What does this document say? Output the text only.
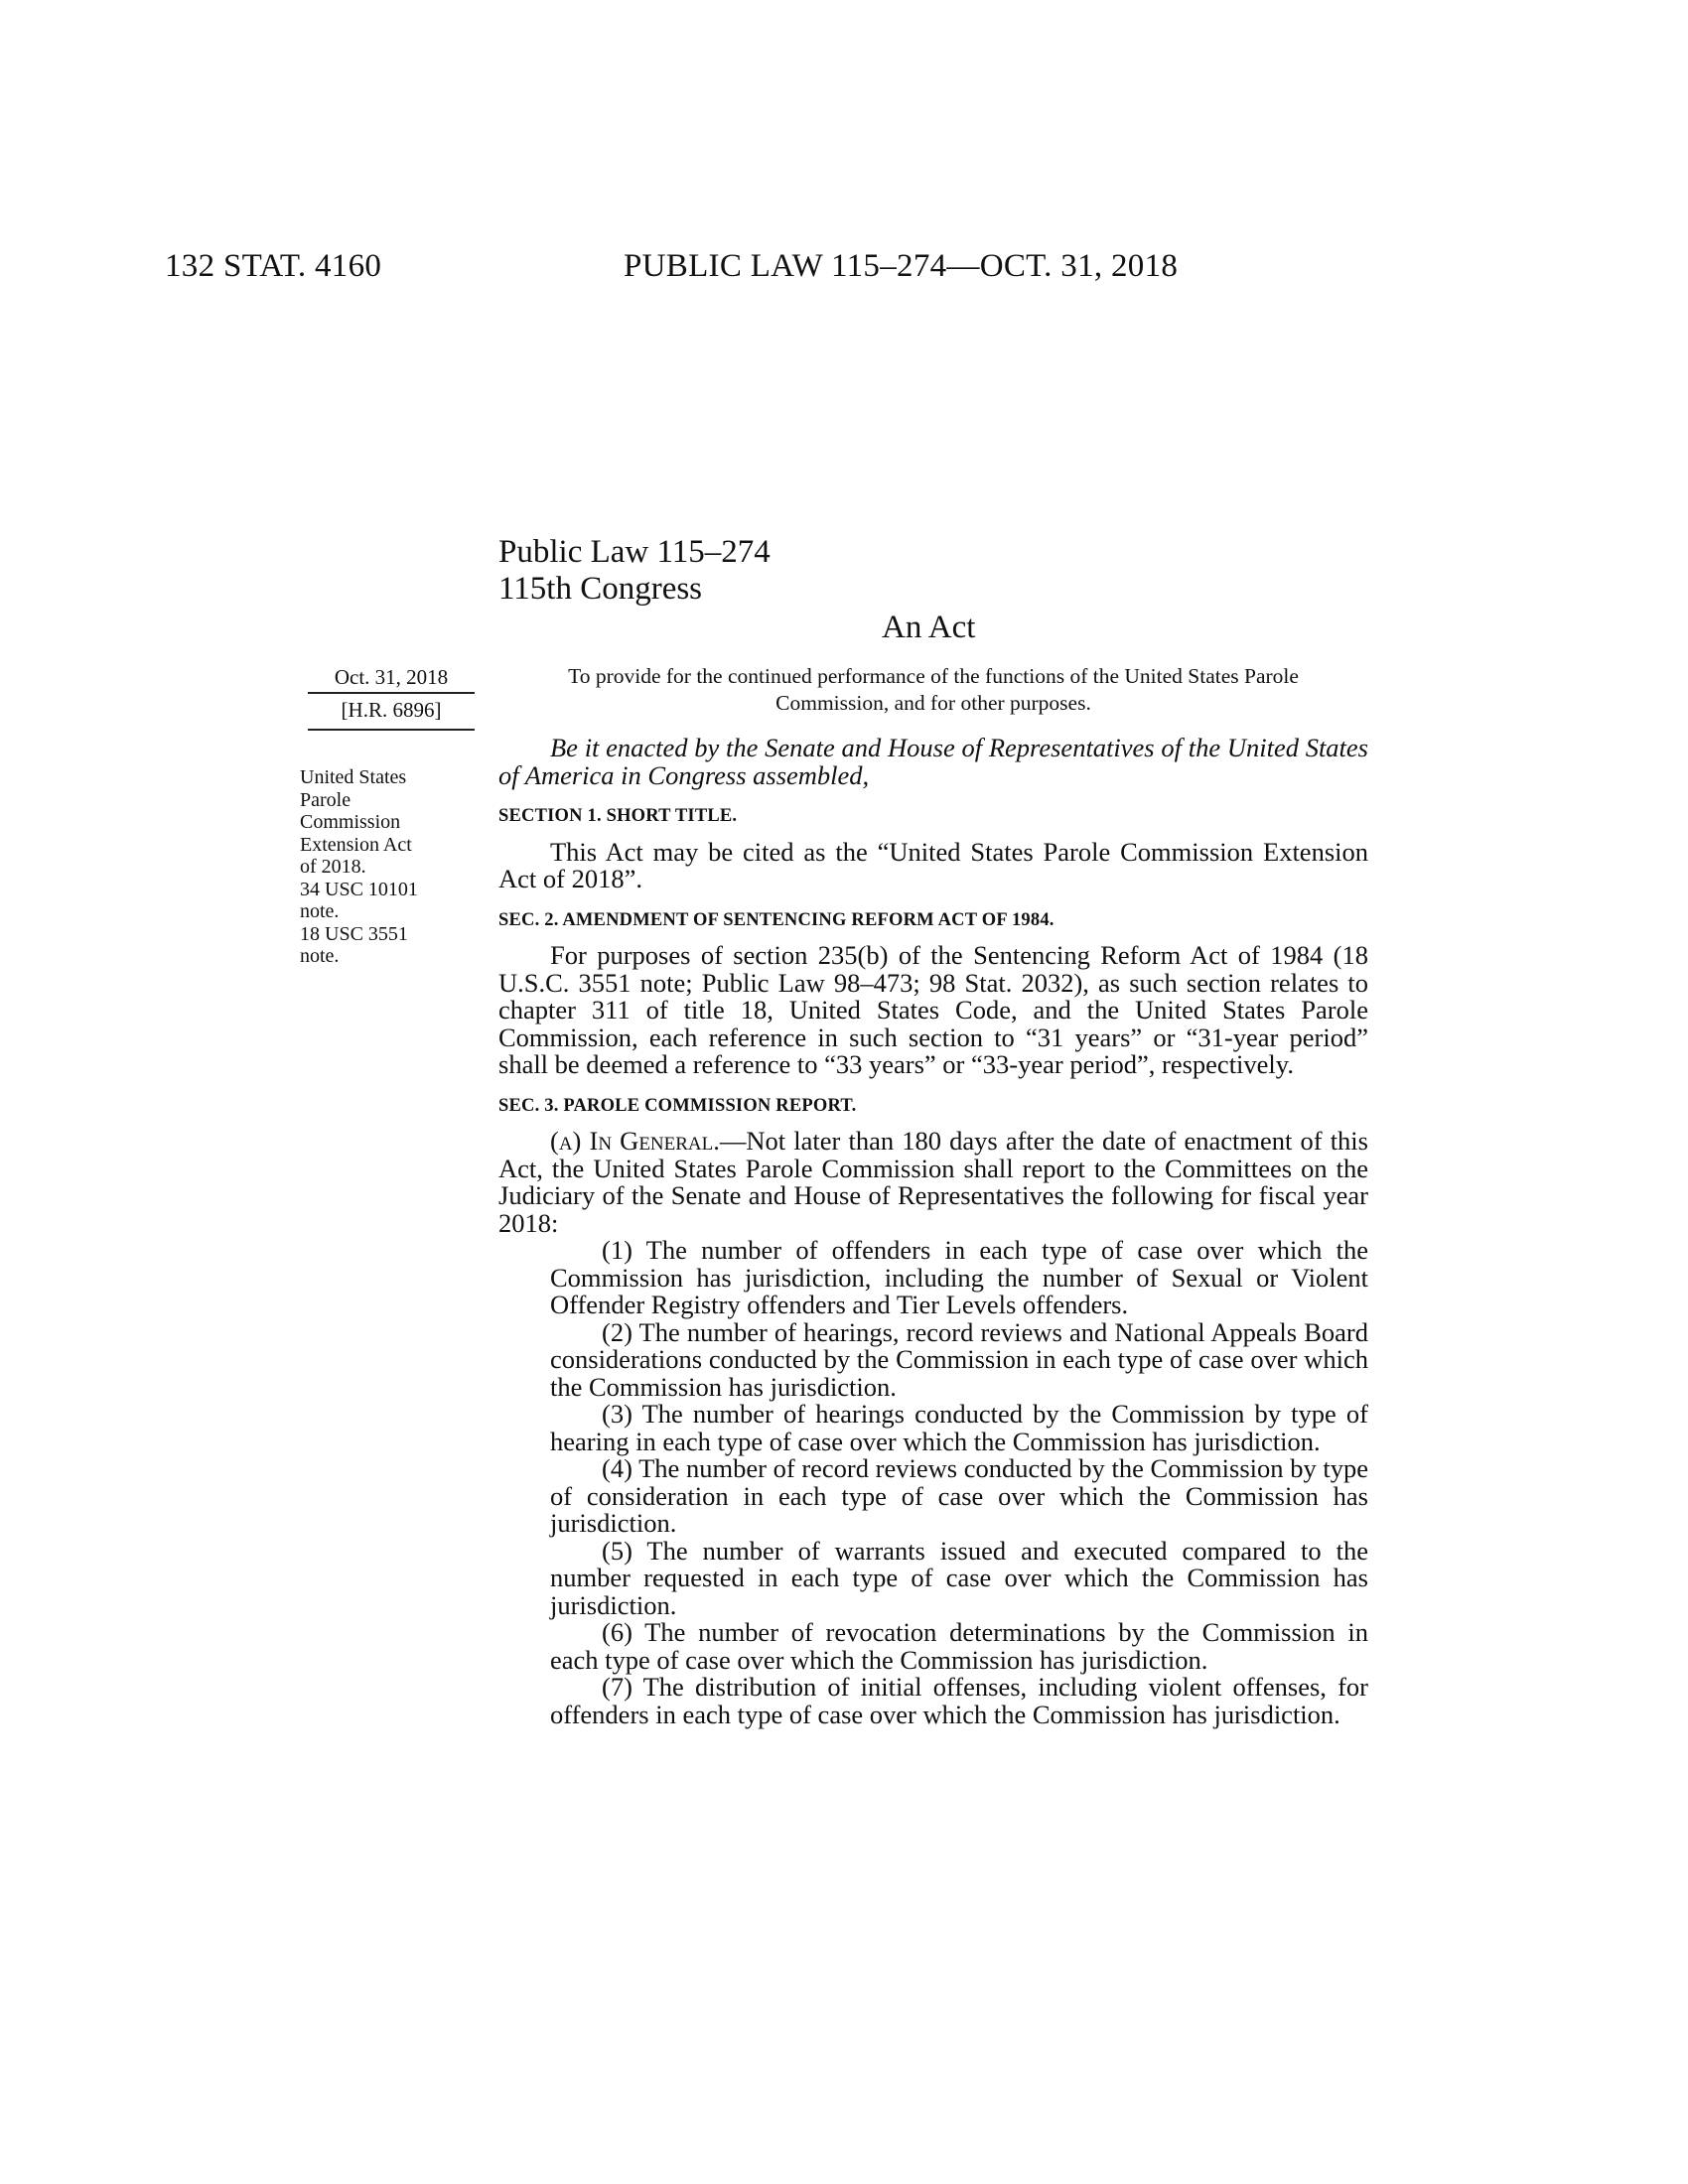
132 STAT. 4160	PUBLIC LAW 115–274—OCT. 31, 2018
Public Law 115–274
115th Congress
An Act
Oct. 31, 2018
[H.R. 6896]
To provide for the continued performance of the functions of the United States Parole Commission, and for other purposes.
United States
Parole
Commission
Extension Act
of 2018.
34 USC 10101
note.
18 USC 3551
note.

Be it enacted by the Senate and House of Representatives of the United States of America in Congress assembled,

SECTION 1. SHORT TITLE.

This Act may be cited as the “United States Parole Commission Extension Act of 2018”.

SEC. 2. AMENDMENT OF SENTENCING REFORM ACT OF 1984.

For purposes of section 235(b) of the Sentencing Reform Act of 1984 (18 U.S.C. 3551 note; Public Law 98–473; 98 Stat. 2032), as such section relates to chapter 311 of title 18, United States Code, and the United States Parole Commission, each reference in such section to “31 years” or “31-year period” shall be deemed a reference to “33 years” or “33-year period”, respectively.

SEC. 3. PAROLE COMMISSION REPORT.

(a) In General.—Not later than 180 days after the date of enactment of this Act, the United States Parole Commission shall report to the Committees on the Judiciary of the Senate and House of Representatives the following for fiscal year 2018:

(1) The number of offenders in each type of case over which the Commission has jurisdiction, including the number of Sexual or Violent Offender Registry offenders and Tier Levels offenders.

(2) The number of hearings, record reviews and National Appeals Board considerations conducted by the Commission in each type of case over which the Commission has jurisdiction.

(3) The number of hearings conducted by the Commission by type of hearing in each type of case over which the Commission has jurisdiction.

(4) The number of record reviews conducted by the Commission by type of consideration in each type of case over which the Commission has jurisdiction.

(5) The number of warrants issued and executed compared to the number requested in each type of case over which the Commission has jurisdiction.

(6) The number of revocation determinations by the Commission in each type of case over which the Commission has jurisdiction.

(7) The distribution of initial offenses, including violent offenses, for offenders in each type of case over which the Commission has jurisdiction.
